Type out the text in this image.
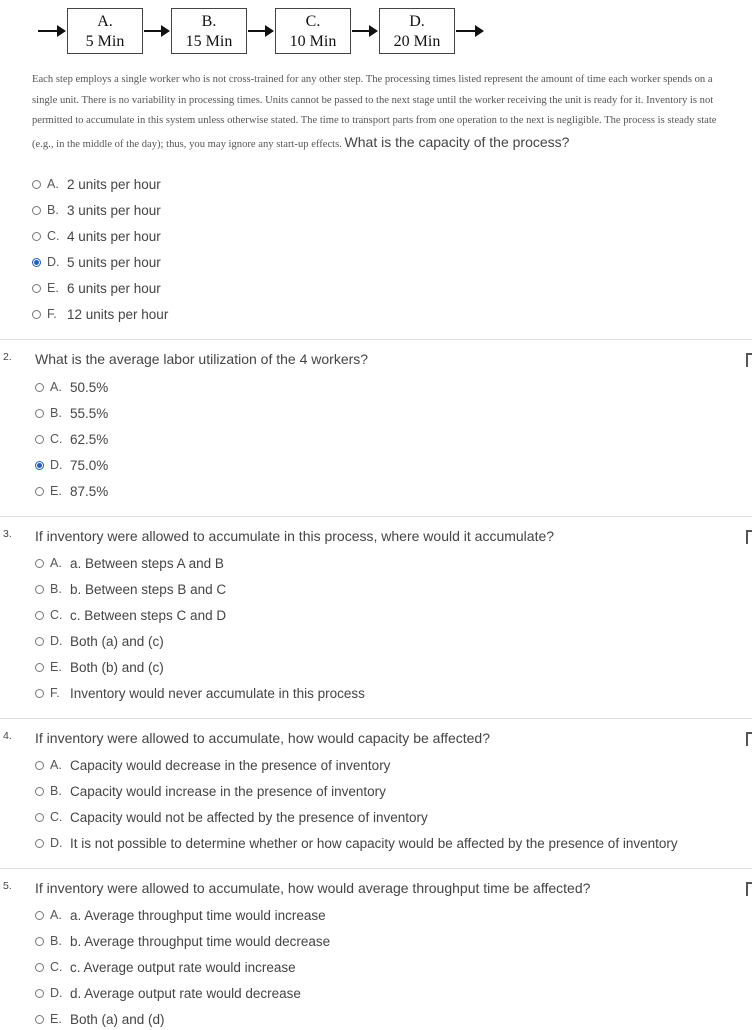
A.
5 Min
B.
15 Min
C.
10 Min
D.
20 Min
Each step employs a single worker who is not cross-trained for any other step. The processing times listed represent the amount of time each worker spends on a single unit. There is no variability in processing times. Units cannot be passed to the next stage until the worker receiving the unit is ready for it. Inventory is not permitted to accumulate in this system unless otherwise stated. The time to transport parts from one operation to the next is negligible. The process is steady state (e.g., in the middle of the day); thus, you may ignore any start-up effects. What is the capacity of the process?
A. 2 units per hour
B. 3 units per hour
C. 4 units per hour
D. 5 units per hour
E. 6 units per hour
F. 12 units per hour
2. What is the average labor utilization of the 4 workers?
A. 50.5%
B. 55.5%
C. 62.5%
D. 75.0%
E. 87.5%
3. If inventory were allowed to accumulate in this process, where would it accumulate?
A. a. Between steps A and B
B. b. Between steps B and C
C. c. Between steps C and D
D. Both (a) and (c)
E. Both (b) and (c)
F. Inventory would never accumulate in this process
4. If inventory were allowed to accumulate, how would capacity be affected?
A. Capacity would decrease in the presence of inventory
B. Capacity would increase in the presence of inventory
C. Capacity would not be affected by the presence of inventory
D. It is not possible to determine whether or how capacity would be affected by the presence of inventory
5. If inventory were allowed to accumulate, how would average throughput time be affected?
A. a. Average throughput time would increase
B. b. Average throughput time would decrease
C. c. Average output rate would increase
D. d. Average output rate would decrease
E. Both (a) and (d)
